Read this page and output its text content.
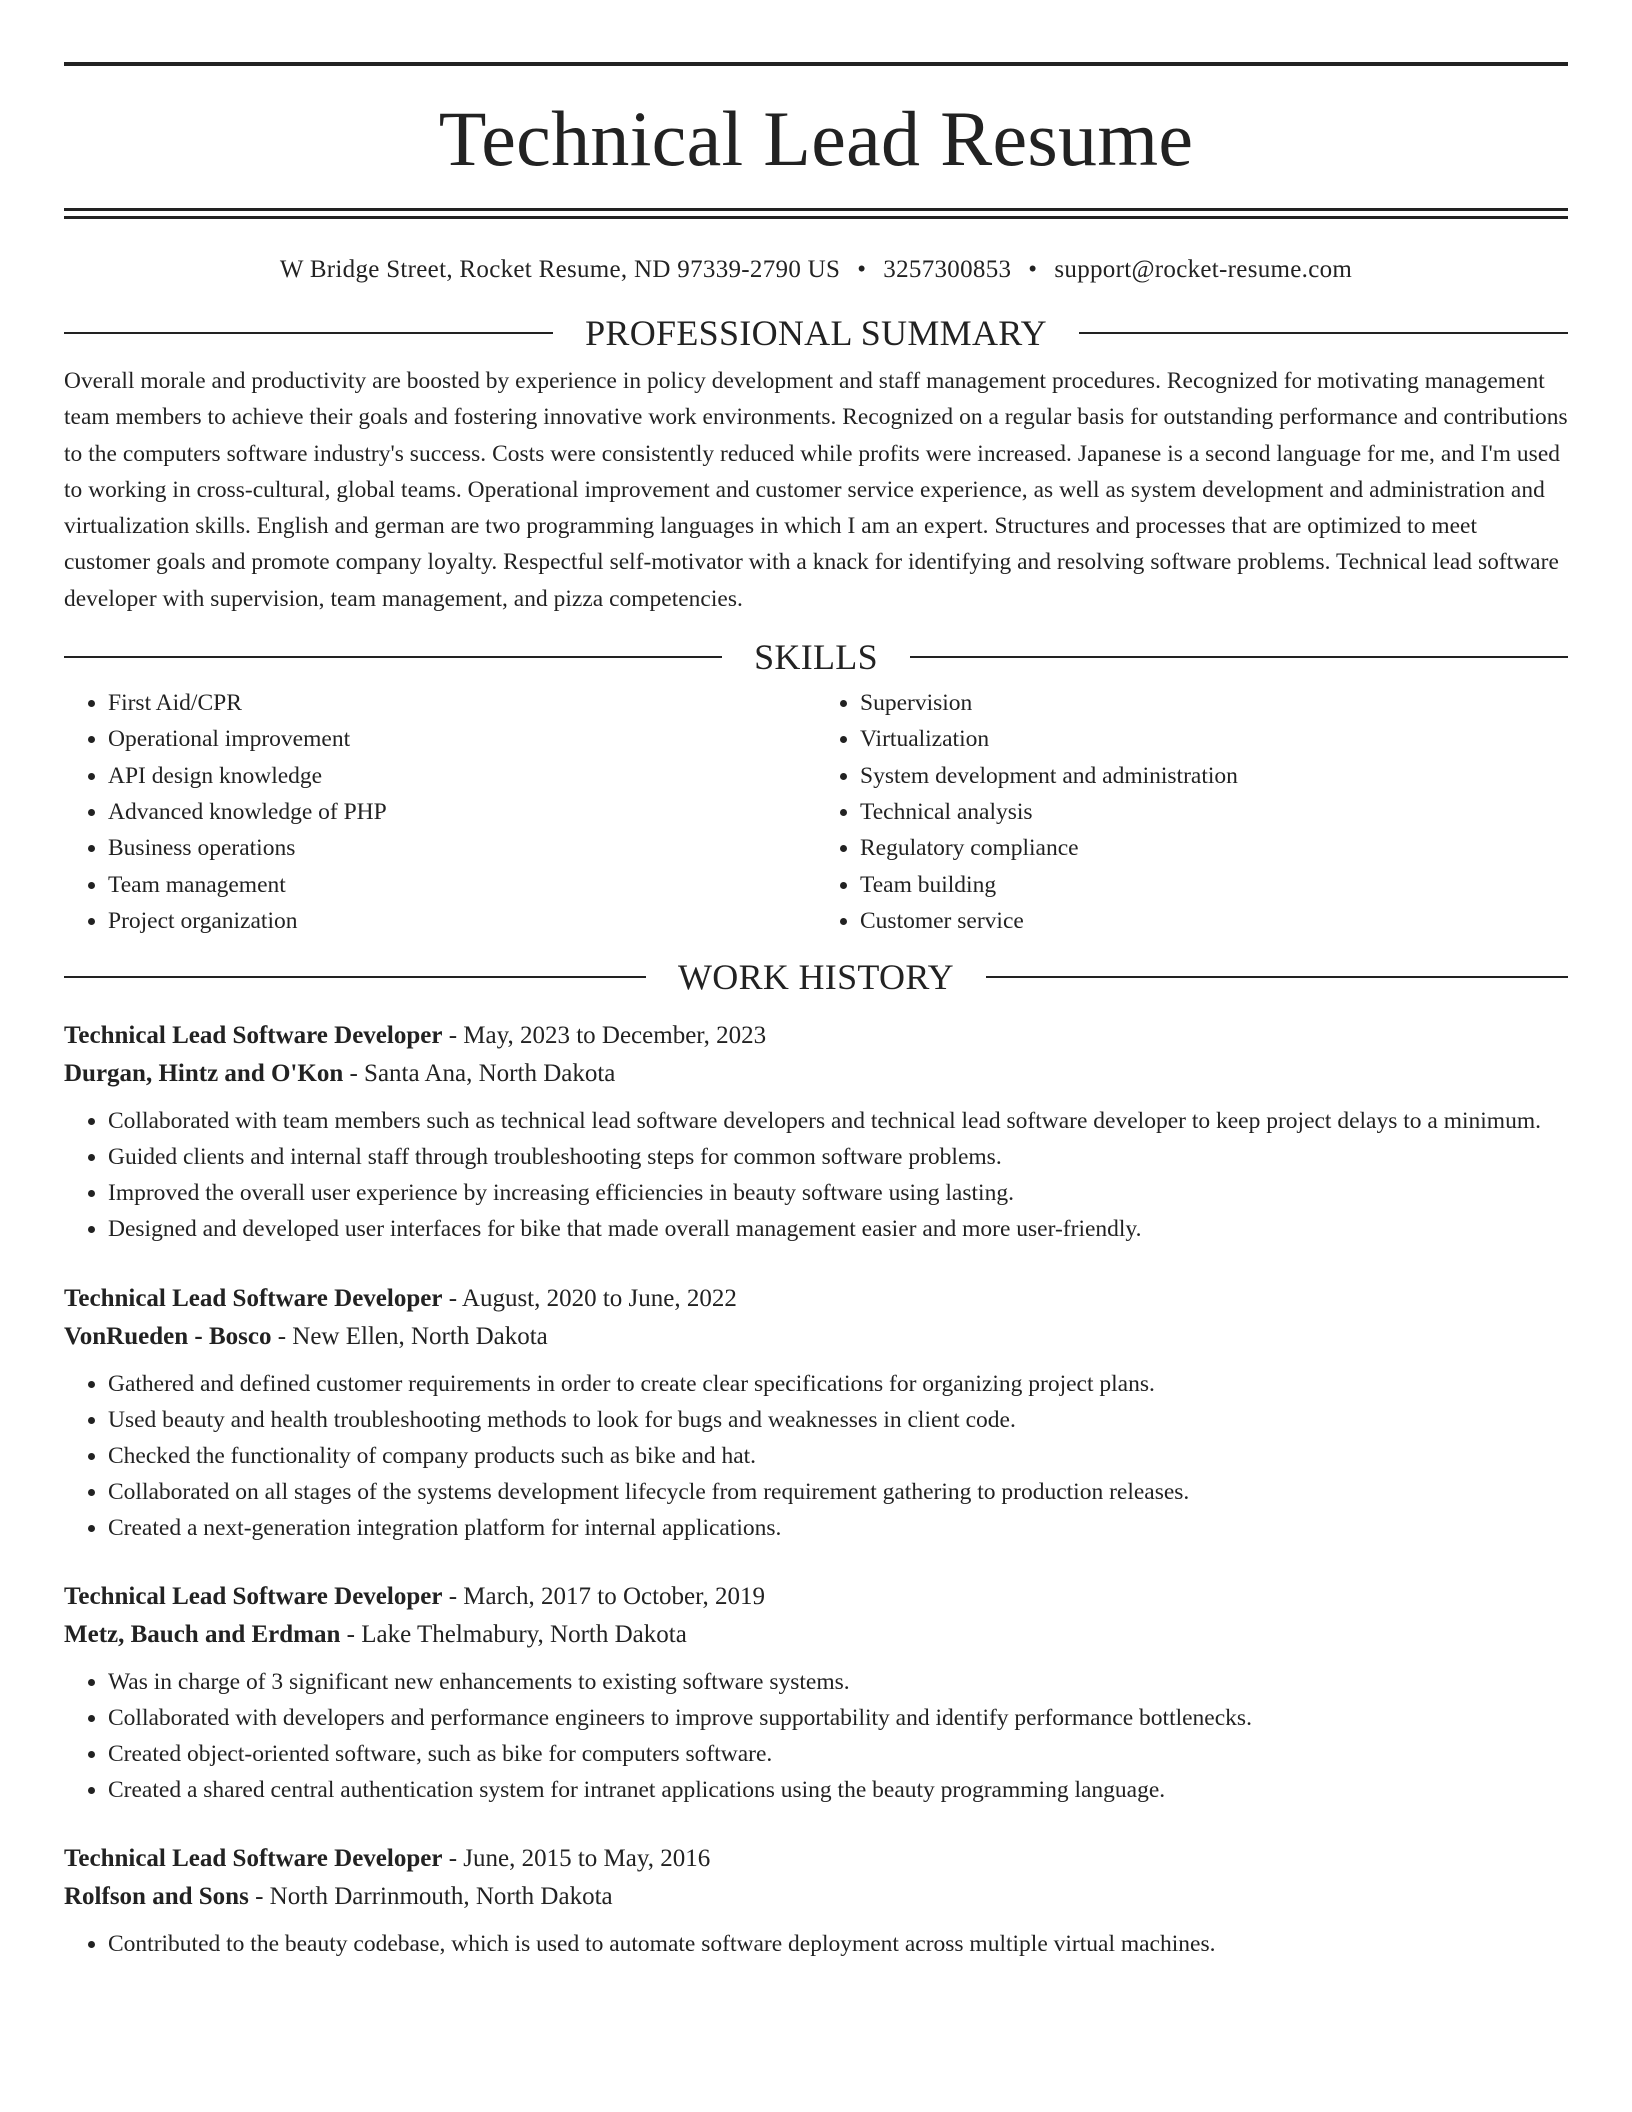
Technical Lead Resume
W Bridge Street, Rocket Resume, ND 97339-2790 US • 3257300853 • support@rocket-resume.com
PROFESSIONAL SUMMARY
Overall morale and productivity are boosted by experience in policy development and staff management procedures. Recognized for motivating management team members to achieve their goals and fostering innovative work environments. Recognized on a regular basis for outstanding performance and contributions to the computers software industry's success. Costs were consistently reduced while profits were increased. Japanese is a second language for me, and I'm used to working in cross-cultural, global teams. Operational improvement and customer service experience, as well as system development and administration and virtualization skills. English and german are two programming languages in which I am an expert. Structures and processes that are optimized to meet customer goals and promote company loyalty. Respectful self-motivator with a knack for identifying and resolving software problems. Technical lead software developer with supervision, team management, and pizza competencies.
SKILLS
• First Aid/CPR
• Operational improvement
• API design knowledge
• Advanced knowledge of PHP
• Business operations
• Team management
• Project organization
• Supervision
• Virtualization
• System development and administration
• Technical analysis
• Regulatory compliance
• Team building
• Customer service
WORK HISTORY
Technical Lead Software Developer - May, 2023 to December, 2023
Durgan, Hintz and O'Kon - Santa Ana, North Dakota
• Collaborated with team members such as technical lead software developers and technical lead software developer to keep project delays to a minimum.
• Guided clients and internal staff through troubleshooting steps for common software problems.
• Improved the overall user experience by increasing efficiencies in beauty software using lasting.
• Designed and developed user interfaces for bike that made overall management easier and more user-friendly.
Technical Lead Software Developer - August, 2020 to June, 2022
VonRueden - Bosco - New Ellen, North Dakota
• Gathered and defined customer requirements in order to create clear specifications for organizing project plans.
• Used beauty and health troubleshooting methods to look for bugs and weaknesses in client code.
• Checked the functionality of company products such as bike and hat.
• Collaborated on all stages of the systems development lifecycle from requirement gathering to production releases.
• Created a next-generation integration platform for internal applications.
Technical Lead Software Developer - March, 2017 to October, 2019
Metz, Bauch and Erdman - Lake Thelmabury, North Dakota
• Was in charge of 3 significant new enhancements to existing software systems.
• Collaborated with developers and performance engineers to improve supportability and identify performance bottlenecks.
• Created object-oriented software, such as bike for computers software.
• Created a shared central authentication system for intranet applications using the beauty programming language.
Technical Lead Software Developer - June, 2015 to May, 2016
Rolfson and Sons - North Darrinmouth, North Dakota
• Contributed to the beauty codebase, which is used to automate software deployment across multiple virtual machines.
